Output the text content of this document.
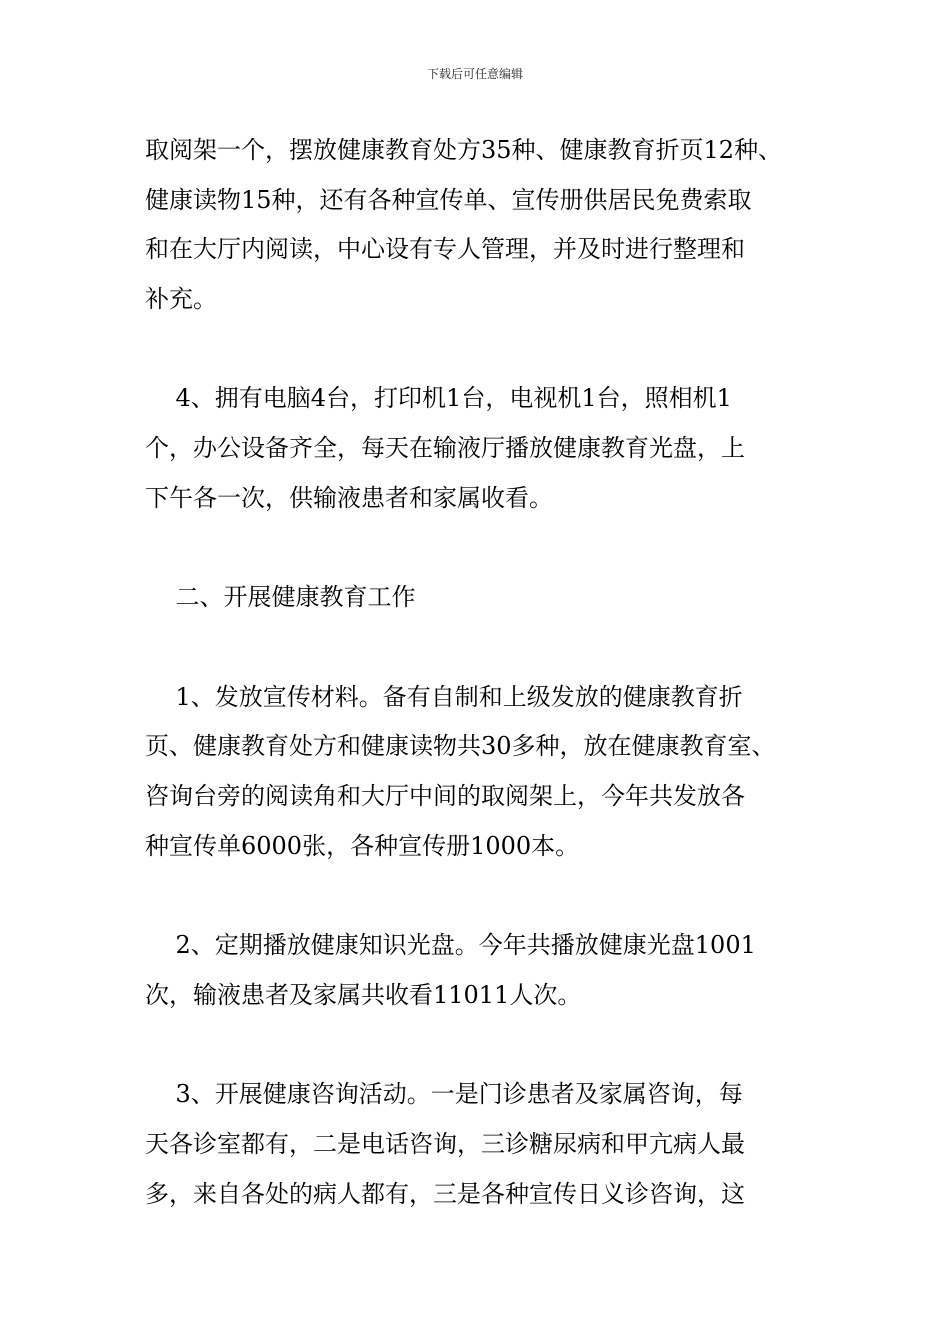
下载后可任意编辑
取阅架一个，摆放健康教育处方35种、健康教育折页12种、
健康读物15种，还有各种宣传单、宣传册供居民免费索取
和在大厅内阅读，中心设有专人管理，并及时进行整理和
补充。
4、拥有电脑4台，打印机1台，电视机1台，照相机1
个，办公设备齐全，每天在输液厅播放健康教育光盘，上
下午各一次，供输液患者和家属收看。
二、开展健康教育工作
1、发放宣传材料。备有自制和上级发放的健康教育折
页、健康教育处方和健康读物共30多种，放在健康教育室、
咨询台旁的阅读角和大厅中间的取阅架上，今年共发放各
种宣传单6000张，各种宣传册1000本。
2、定期播放健康知识光盘。今年共播放健康光盘1001
次，输液患者及家属共收看11011人次。
3、开展健康咨询活动。一是门诊患者及家属咨询，每
天各诊室都有，二是电话咨询，三诊糖尿病和甲亢病人最
多，来自各处的病人都有，三是各种宣传日义诊咨询，这
